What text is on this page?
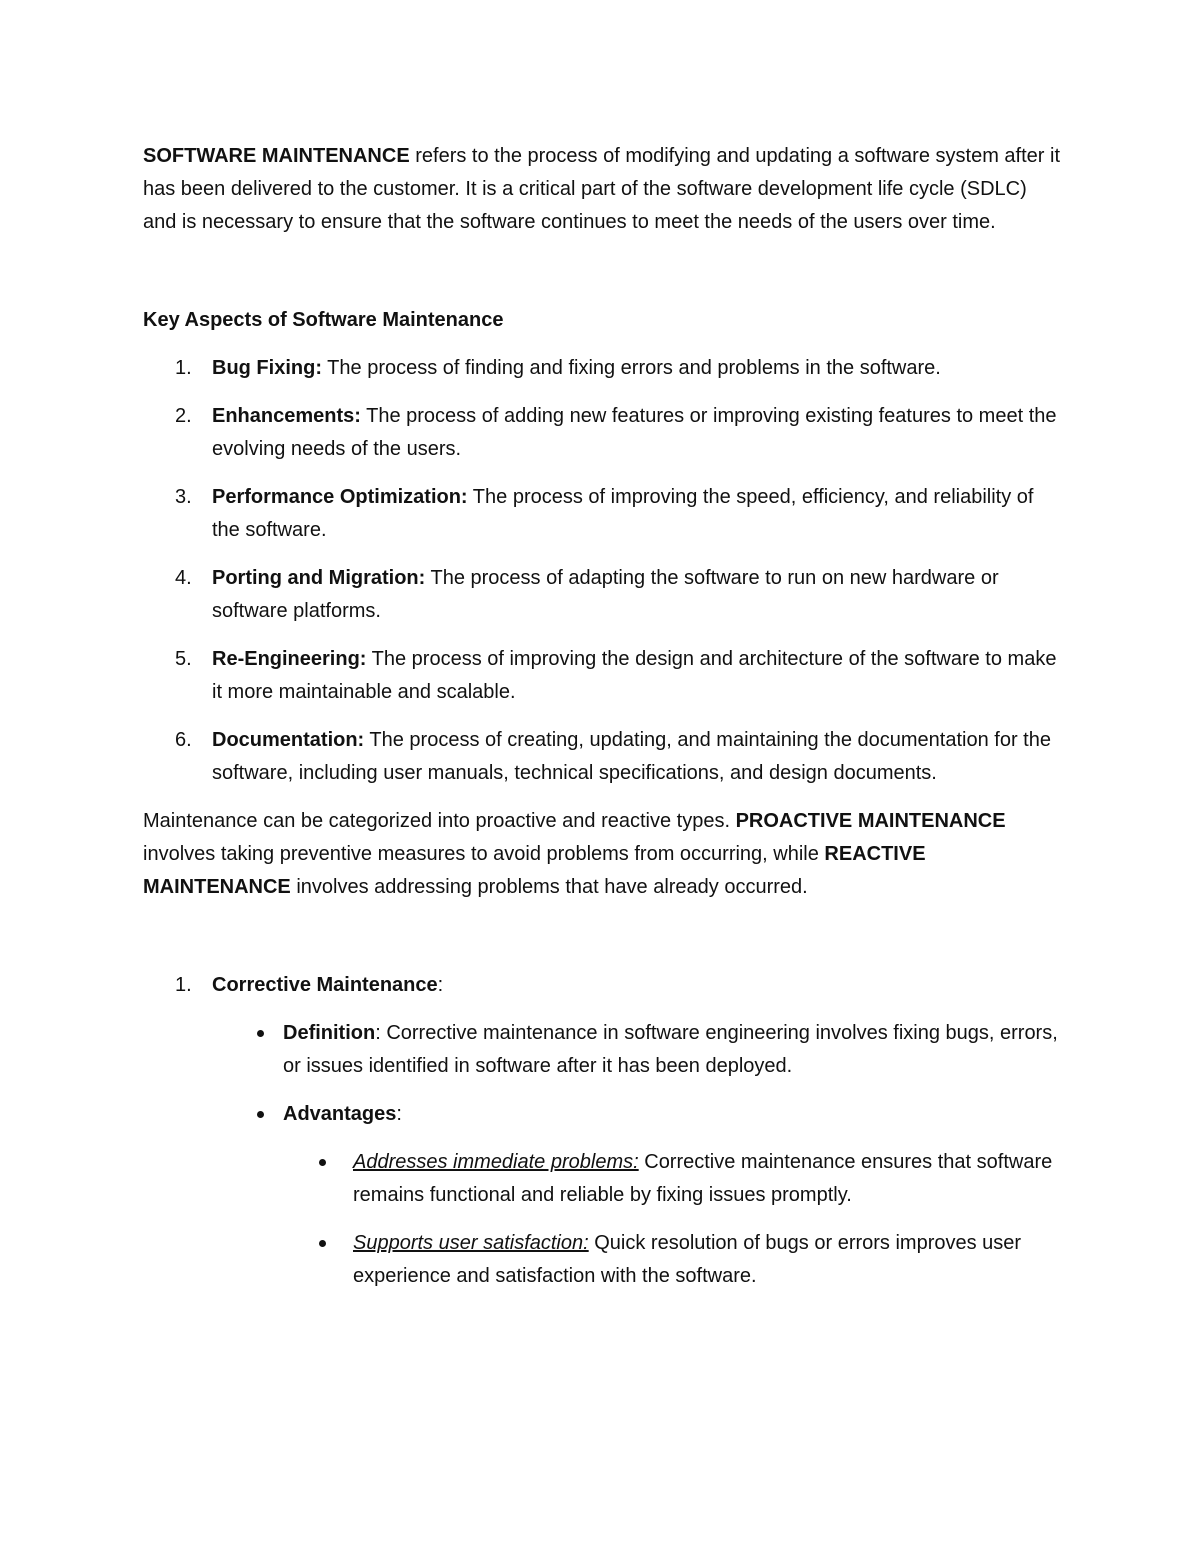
SOFTWARE MAINTENANCE refers to the process of modifying and updating a software system after it has been delivered to the customer. It is a critical part of the software development life cycle (SDLC) and is necessary to ensure that the software continues to meet the needs of the users over time.

Key Aspects of Software Maintenance

1. Bug Fixing: The process of finding and fixing errors and problems in the software.
2. Enhancements: The process of adding new features or improving existing features to meet the evolving needs of the users.
3. Performance Optimization: The process of improving the speed, efficiency, and reliability of the software.
4. Porting and Migration: The process of adapting the software to run on new hardware or software platforms.
5. Re-Engineering: The process of improving the design and architecture of the software to make it more maintainable and scalable.
6. Documentation: The process of creating, updating, and maintaining the documentation for the software, including user manuals, technical specifications, and design documents.

Maintenance can be categorized into proactive and reactive types. PROACTIVE MAINTENANCE involves taking preventive measures to avoid problems from occurring, while REACTIVE MAINTENANCE involves addressing problems that have already occurred.

1. Corrective Maintenance:

Definition: Corrective maintenance in software engineering involves fixing bugs, errors, or issues identified in software after it has been deployed.

Advantages:

Addresses immediate problems: Corrective maintenance ensures that software remains functional and reliable by fixing issues promptly.

Supports user satisfaction: Quick resolution of bugs or errors improves user experience and satisfaction with the software.
